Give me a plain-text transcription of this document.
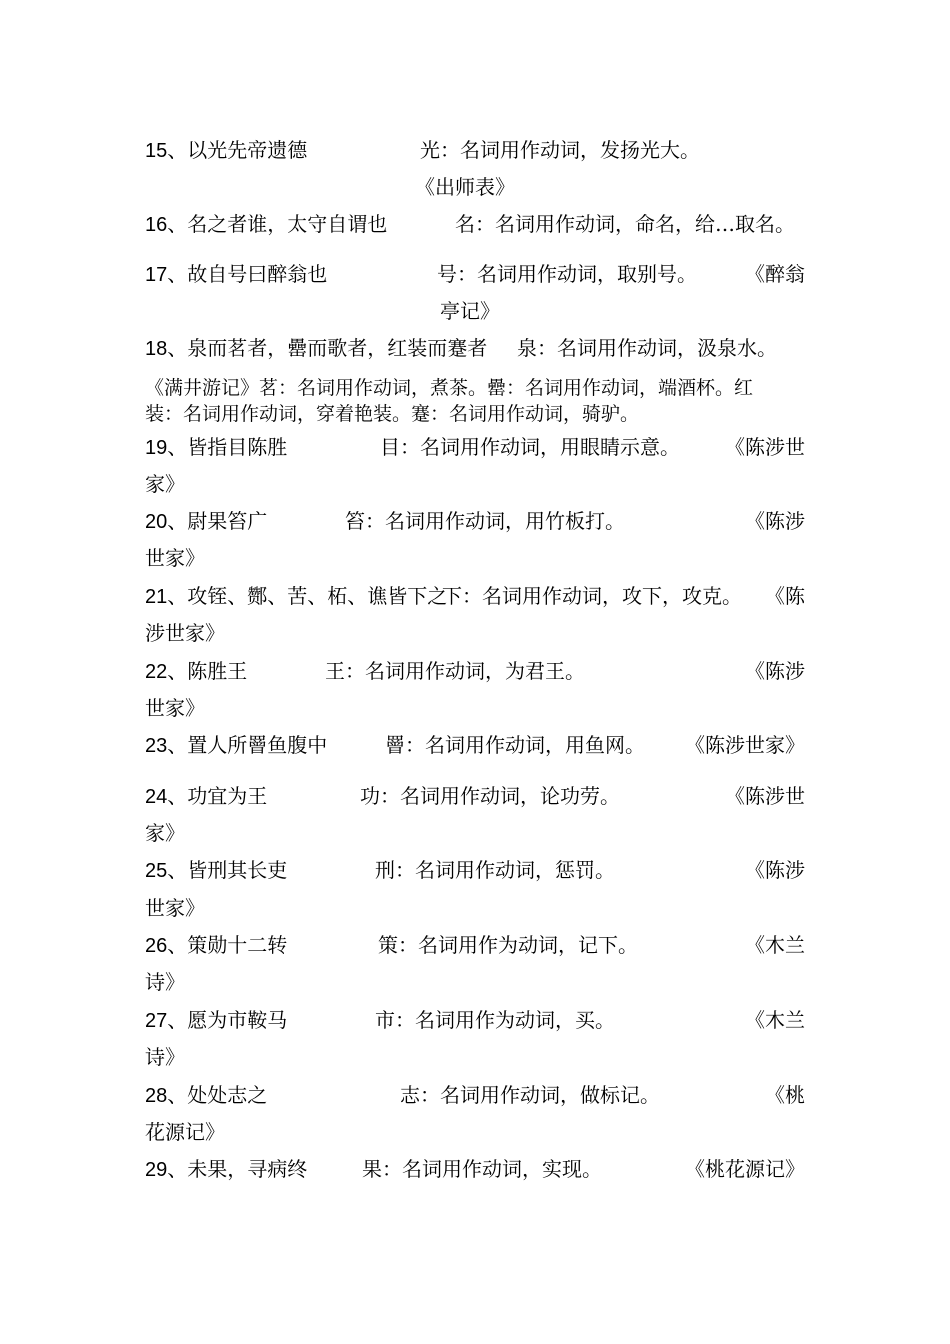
15、以光先帝遗德	光：名词用作动词，发扬光大。
《出师表》
16、名之者谁，太守自谓也	名：名词用作动词，命名，给…取名。
17、故自号曰醉翁也	号：名词用作动词，取别号。 《醉翁
亭记》
18、泉而茗者，罍而歌者，红装而蹇者 泉：名词用作动词，汲泉水。
《满井游记》茗：名词用作动词，煮茶。罍：名词用作动词，端酒杯。红
装：名词用作动词，穿着艳装。蹇：名词用作动词，骑驴。
19、皆指目陈胜	目：名词用作动词，用眼睛示意。 《陈涉世
家》
20、尉果笞广	笞：名词用作动词，用竹板打。	《陈涉
世家》
21、攻铚、酂、苦、柘、谯皆下之
下：名词用作动词，攻下，攻克。 《陈
涉世家》
22、陈胜王	王：名词用作动词，为君王。	《陈涉
世家》
23、置人所罾鱼腹中	罾：名词用作动词，用鱼网。 《陈涉世家》
24、功宜为王	功：名词用作动词，论功劳。	《陈涉世
家》
25、皆刑其长吏	刑：名词用作动词，惩罚。	《陈涉
世家》
26、策勋十二转	策：名词用作为动词，记下。	《木兰
诗》
27、愿为市鞍马	市：名词用作为动词，买。	《木兰
诗》
28、处处志之	志：名词用作动词，做标记。	《桃
花源记》
29、未果，寻病终	果：名词用作动词，实现。	《桃花源记》
